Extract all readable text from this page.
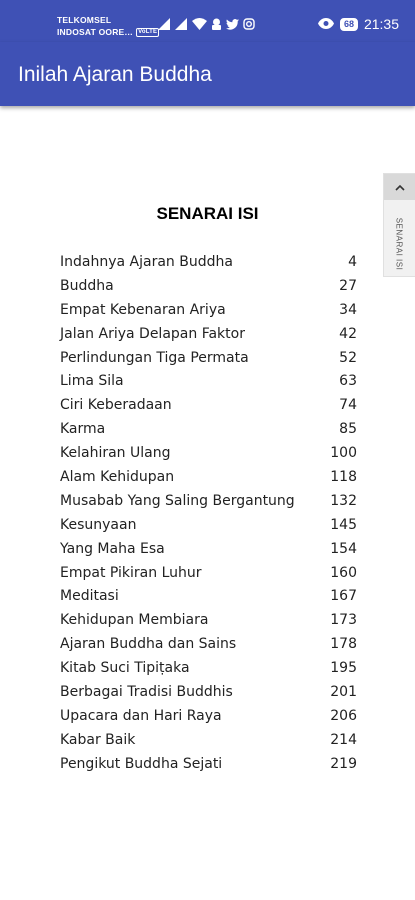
TELKOMSEL
INDOSAT OORE… VoLTE
68 21:35
Inilah Ajaran Buddha
SENARAI ISI
Indahnya Ajaran Buddha	4
Buddha	27
Empat Kebenaran Ariya	34
Jalan Ariya Delapan Faktor	42
Perlindungan Tiga Permata	52
Lima Sila	63
Ciri Keberadaan	74
Karma	85
Kelahiran Ulang	100
Alam Kehidupan	118
Musabab Yang Saling Bergantung	132
Kesunyaan	145
Yang Maha Esa	154
Empat Pikiran Luhur	160
Meditasi	167
Kehidupan Membiara	173
Ajaran Buddha dan Sains	178
Kitab Suci Tipiṭaka	195
Berbagai Tradisi Buddhis	201
Upacara dan Hari Raya	206
Kabar Baik	214
Pengikut Buddha Sejati	219
SENARAI ISI
